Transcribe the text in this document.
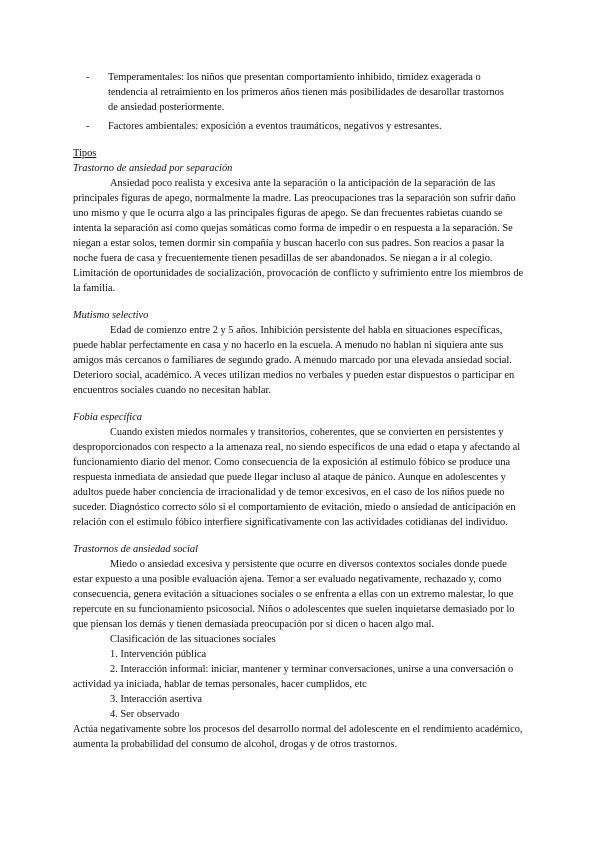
- Temperamentales: los niños que presentan comportamiento inhibido, timidez exagerada o tendencia al retraimiento en los primeros años tienen más posibilidades de desarollar trastornos de ansiedad posteriormente.
- Factores ambientales: exposición a eventos traumáticos, negativos y estresantes.
Tipos
Trastorno de ansiedad por separación

Ansiedad poco realista y excesiva ante la separación o la anticipación de la separación de las principales figuras de apego, normalmente la madre. Las preocupaciones tras la separación son sufrir daño uno mismo y que le ocurra algo a las principales figuras de apego. Se dan frecuentes rabietas cuando se intenta la separación así como quejas somáticas como forma de impedir o en respuesta a la separación. Se niegan a estar solos, temen dormir sin compañía y buscan hacerlo con sus padres. Son reacios a pasar la noche fuera de casa y frecuentemente tienen pesadillas de ser abandonados. Se niegan a ir al colegio. Limitación de oportunidades de socialización, provocación de conflicto y sufrimiento entre los miembros de la familia.

Mutismo selectivo

Edad de comienzo entre 2 y 5 años. Inhibición persistente del habla en situaciones específicas, puede hablar perfectamente en casa y no hacerlo en la escuela. A menudo no hablan ni siquiera ante sus amigos más cercanos o familiares de segundo grado. A menudo marcado por una elevada ansiedad social. Deterioro social, académico. A veces utilizan medios no verbales y pueden estar dispuestos o participar en encuentros sociales cuando no necesitan hablar.

Fobia específica

Cuando existen miedos normales y transitorios, coherentes, que se convierten en persistentes y desproporcionados con respecto a la amenaza real, no siendo específicos de una edad o etapa y afectando al funcionamiento diario del menor. Como consecuencia de la exposición al estímulo fóbico se produce una respuesta inmediata de ansiedad que puede llegar incluso al ataque de pánico. Aunque en adolescentes y adultos puede haber conciencia de irracionalidad y de temor excesivos, en el caso de los niños puede no suceder. Diagnóstico correcto sólo si el comportamiento de evitación, miedo o ansiedad de anticipación en relación con el estímulo fóbico interfiere significativamente con las actividades cotidianas del individuo.

Trastornos de ansiedad social

Miedo o ansiedad excesiva y persistente que ocurre en diversos contextos sociales donde puede estar expuesto a una posible evaluación ajena. Temor a ser evaluado negativamente, rechazado y, como consecuencia, genera evitación a situaciones sociales o se enfrenta a ellas con un extremo malestar, lo que repercute en su funcionamiento psicosocial. Niños o adolescentes que suelen inquietarse demasiado por lo que piensan los demás y tienen demasiada preocupación por si dicen o hacen algo mal.

Clasificación de las situaciones sociales

1. Intervención pública

2. Interacción informal: iniciar, mantener y terminar conversaciones, unirse a una conversación o actividad ya iniciada, hablar de temas personales, hacer cumplidos, etc

3. Interacción asertiva

4. Ser observado

Actúa negativamente sobre los procesos del desarrollo normal del adolescente en el rendimiento académico, aumenta la probabilidad del consumo de alcohol, drogas y de otros trastornos.
